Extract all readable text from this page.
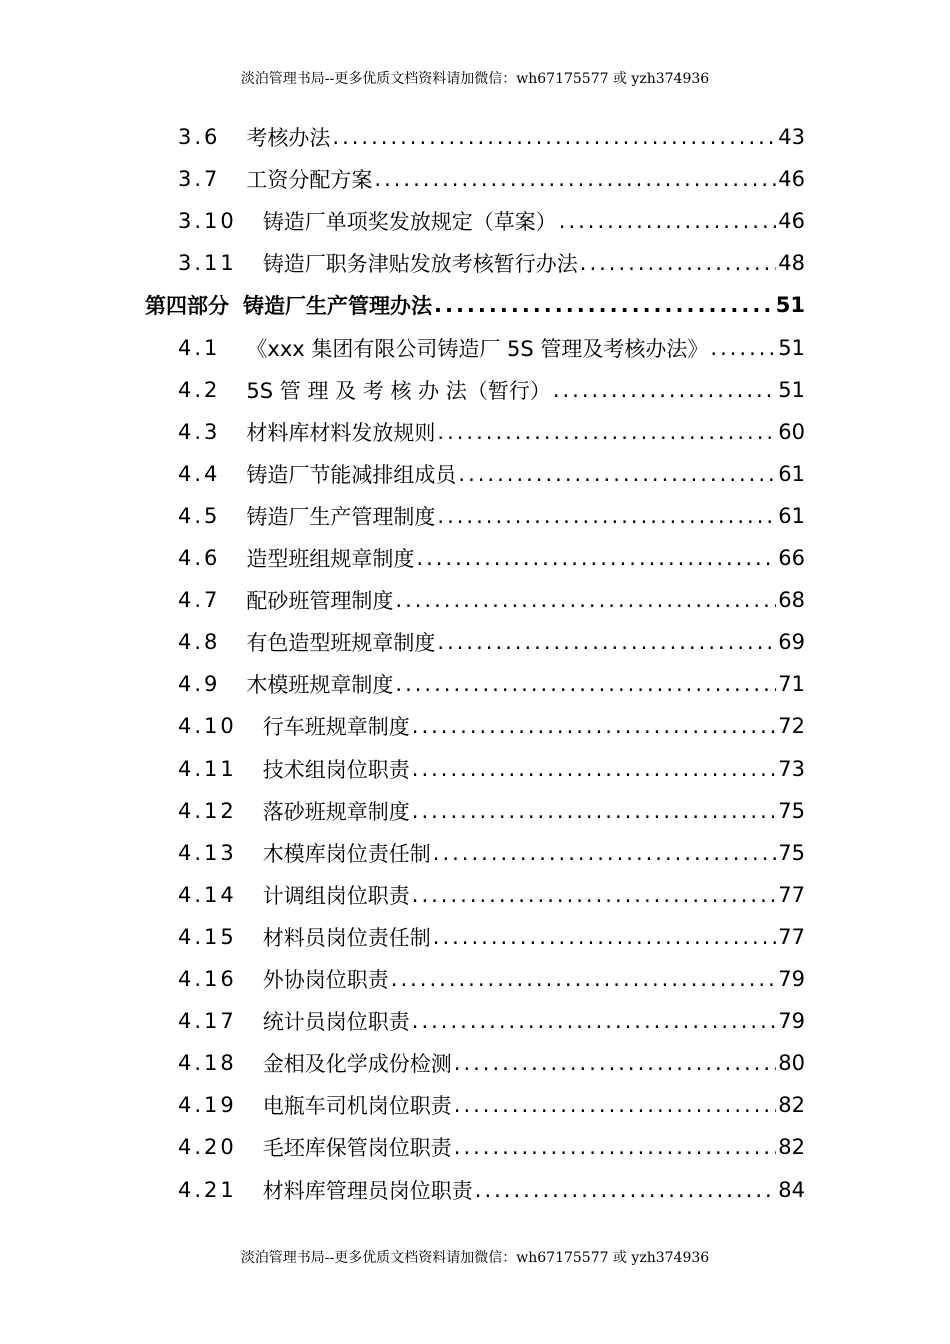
淡泊管理书局--更多优质文档资料请加微信：wh67175577 或 yzh374936
3.6 考核办法 .....	43
3.7 工资分配方案 .....	46
3.10 铸造厂单项奖发放规定（草案） .....	46
3.11 铸造厂职务津贴发放考核暂行办法 .....	48
第四部分 铸造厂生产管理办法 .....	51
4.1 《xxx 集团有限公司铸造厂 5S 管理及考核办法》 .....	51
4.2 5S 管 理 及 考 核 办 法（暂行） .....	51
4.3 材料库材料发放规则 .....	60
4.4 铸造厂节能减排组成员 .....	61
4.5 铸造厂生产管理制度 .....	61
4.6 造型班组规章制度 .....	66
4.7 配砂班管理制度 .....	68
4.8 有色造型班规章制度 .....	69
4.9 木模班规章制度 .....	71
4.10 行车班规章制度 .....	72
4.11 技术组岗位职责 .....	73
4.12 落砂班规章制度 .....	75
4.13 木模库岗位责任制 .....	75
4.14 计调组岗位职责 .....	77
4.15 材料员岗位责任制 .....	77
4.16 外协岗位职责 .....	79
4.17 统计员岗位职责 .....	79
4.18 金相及化学成份检测 .....	80
4.19 电瓶车司机岗位职责 .....	82
4.20 毛坯库保管岗位职责 .....	82
4.21 材料库管理员岗位职责 .....	84
淡泊管理书局--更多优质文档资料请加微信：wh67175577 或 yzh374936
